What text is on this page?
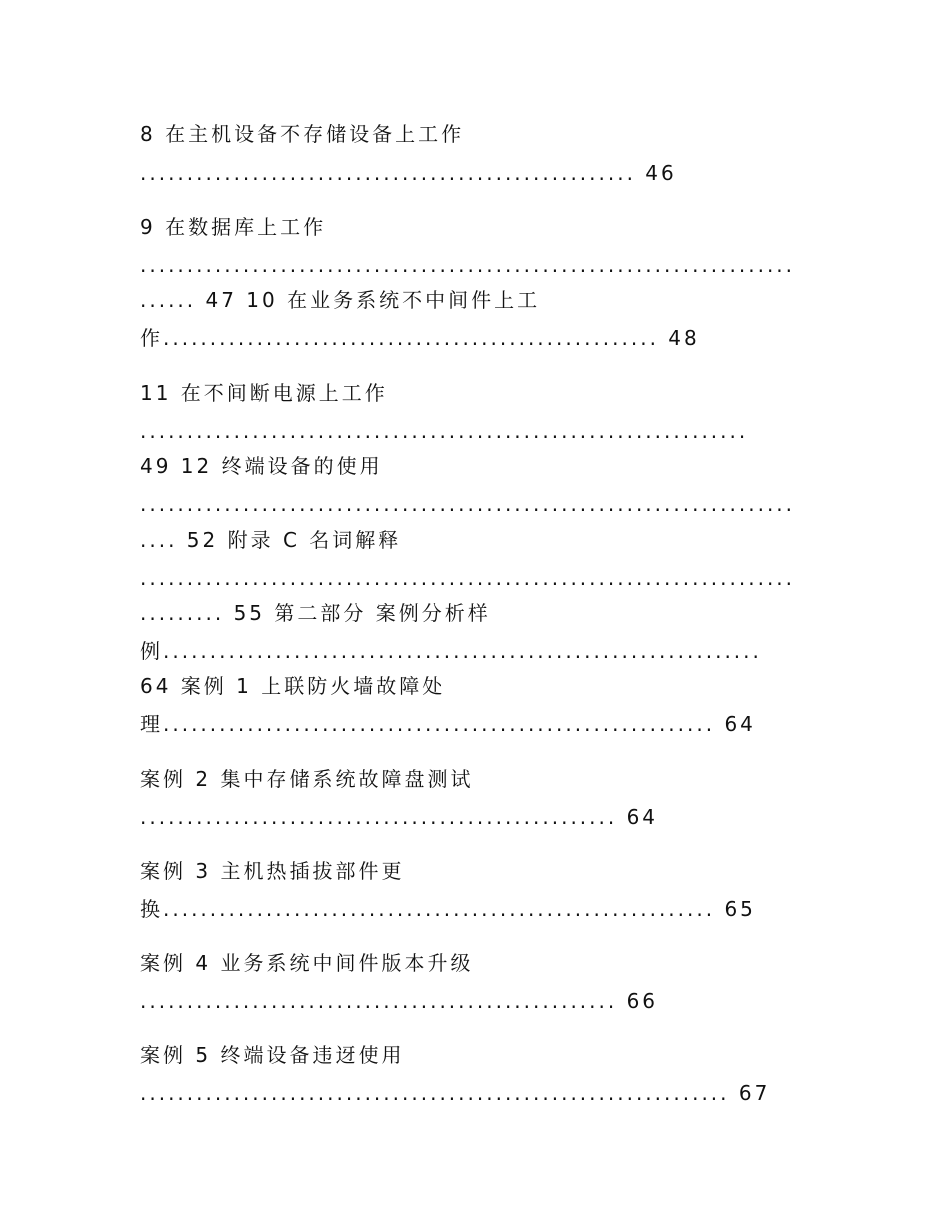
8 在主机设备不存储设备上工作
..................................................... 46
9 在数据库上工作
......................................................................
...... 47 10 在业务系统不中间件上工
作..................................................... 48
11 在不间断电源上工作
.................................................................
49 12 终端设备的使用
......................................................................
.... 52 附录 C 名词解释
......................................................................
......... 55 第二部分 案例分析样
例................................................................
64 案例 1 上联防火墙故障处
理........................................................... 64
案例 2 集中存储系统故障盘测试
................................................... 64
案例 3 主机热插拔部件更
换........................................................... 65
案例 4 业务系统中间件版本升级
................................................... 66
案例 5 终端设备违迓使用
............................................................... 67
